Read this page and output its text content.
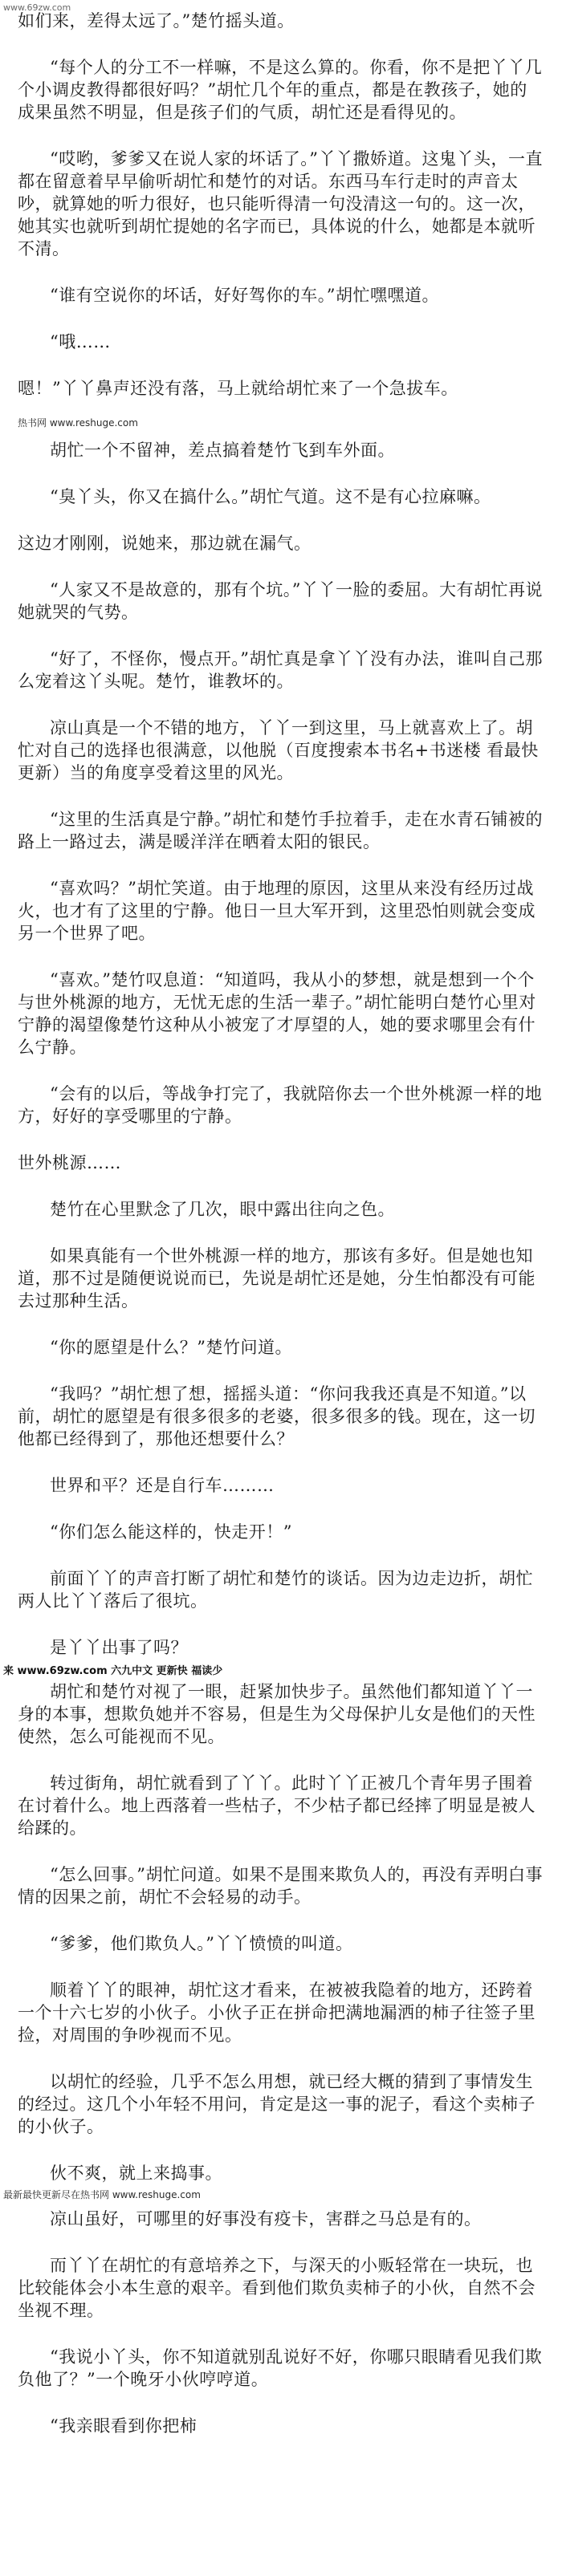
www.69zw.com

如们来，差得太远了。”楚竹摇头道。

“每个人的分工不一样嘛，不是这么算的。你看，你不是把丫丫几个小调皮教得都很好吗？”胡忙几个年的重点，都是在教孩子，她的成果虽然不明显，但是孩子们的气质，胡忙还是看得见的。

“哎哟，爹爹又在说人家的坏话了。”丫丫撒娇道。这鬼丫头，一直都在留意着早早偷听胡忙和楚竹的对话。东西马车行走时的声音太吵，就算她的听力很好，也只能听得清一句没清这一句的。这一次，她其实也就听到胡忙提她的名字而已，具体说的什么，她都是本就听不清。

“谁有空说你的坏话，好好驾你的车。”胡忙嘿嘿道。

“哦……

嗯！”丫丫鼻声还没有落，马上就给胡忙来了一个急拔车。

热书网 www.reshuge.com

胡忙一个不留神，差点搞着楚竹飞到车外面。

“臭丫头，你又在搞什么。”胡忙气道。这不是有心拉麻嘛。

这边才刚刚，说她来，那边就在漏气。

“人家又不是故意的，那有个坑。”丫丫一脸的委屈。大有胡忙再说她就哭的气势。

“好了，不怪你，慢点开。”胡忙真是拿丫丫没有办法，谁叫自己那么宠着这丫头呢。楚竹，谁教坏的。

凉山真是一个不错的地方，丫丫一到这里，马上就喜欢上了。胡忙对自己的选择也很满意，以他脱（百度搜索本书名+书迷楼 看最快更新）当的角度享受着这里的风光。

“这里的生活真是宁静。”胡忙和楚竹手拉着手，走在水青石铺被的路上一路过去，满是暖洋洋在晒着太阳的银民。

“喜欢吗？”胡忙笑道。由于地理的原因，这里从来没有经历过战火，也才有了这里的宁静。他日一旦大军开到，这里恐怕则就会变成另一个世界了吧。

“喜欢。”楚竹叹息道：“知道吗，我从小的梦想，就是想到一个个与世外桃源的地方，无忧无虑的生活一辈子。”胡忙能明白楚竹心里对宁静的渴望像楚竹这种从小被宠了才厚望的人，她的要求哪里会有什么宁静。

“会有的以后，等战争打完了，我就陪你去一个世外桃源一样的地方，好好的享受哪里的宁静。

世外桃源……

楚竹在心里默念了几次，眼中露出往向之色。

如果真能有一个世外桃源一样的地方，那该有多好。但是她也知道，那不过是随便说说而已，先说是胡忙还是她，分生怕都没有可能去过那种生活。

“你的愿望是什么？”楚竹问道。

“我吗？”胡忙想了想，摇摇头道：“你问我我还真是不知道。”以前，胡忙的愿望是有很多很多的老婆，很多很多的钱。现在，这一切他都已经得到了，那他还想要什么？

世界和平？还是自行车………

“你们怎么能这样的，快走开！”

前面丫丫的声音打断了胡忙和楚竹的谈话。因为边走边折，胡忙两人比丫丫落后了很坑。

是丫丫出事了吗？

来 www.69zw.com 六九中文 更新快 福读少

胡忙和楚竹对视了一眼，赶紧加快步子。虽然他们都知道丫丫一身的本事，想欺负她并不容易，但是生为父母保护儿女是他们的天性使然，怎么可能视而不见。

转过街角，胡忙就看到了丫丫。此时丫丫正被几个青年男子围着在讨着什么。地上西落着一些枯子，不少枯子都已经摔了明显是被人给蹂的。

“怎么回事。”胡忙问道。如果不是围来欺负人的，再没有弄明白事情的因果之前，胡忙不会轻易的动手。

“爹爹，他们欺负人。”丫丫愤愤的叫道。

顺着丫丫的眼神，胡忙这才看来，在被被我隐着的地方，还跨着一个十六七岁的小伙子。小伙子正在拼命把满地漏洒的柿子往签子里捡，对周围的争吵视而不见。

以胡忙的经验，几乎不怎么用想，就已经大概的猜到了事情发生的经过。这几个小年轻不用问，肯定是这一事的泥子，看这个卖柿子的小伙子。

伙不爽，就上来捣事。

最新最快更新尽在热书网 www.reshuge.com

凉山虽好，可哪里的好事没有疫卡，害群之马总是有的。

而丫丫在胡忙的有意培养之下，与深天的小贩轻常在一块玩，也比较能体会小本生意的艰辛。看到他们欺负卖柿子的小伙，自然不会坐视不理。

“我说小丫头，你不知道就别乱说好不好，你哪只眼睛看见我们欺负他了？”一个晚牙小伙哼哼道。

“我亲眼看到你把柿
